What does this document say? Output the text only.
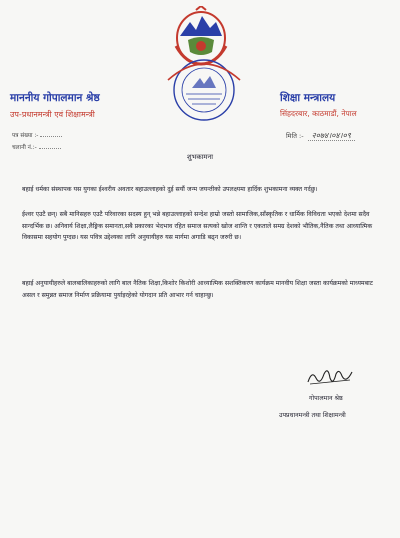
माननीय गोपालमान श्रेष्ठ
उप-प्रधानमन्त्री एवं शिक्षामन्त्री
शिक्षा मन्त्रालय
सिंहदरबार, काठमाडौं, नेपाल
पत्र संख्या :-
चलानी नं.:-
मिति :- २०७४।०४।०९
शुभकामना
बहाई धर्मका संस्थापक यस युगका ईश्वरीय अवतार बहाउल्लाहको दुई सयौं जन्म जयन्तीको उपलक्ष्यमा हार्दिक शुभकामना व्यक्त गर्दछु।
ईश्वर एउटै छन्। सबै मानिसहरु एउटै परिवारका सदस्य हुन् भन्ने बहाउल्लाहको सन्देश हाम्रो जस्तो सामाजिक,साँस्कृतिक र धार्मिक विविधता भएको देशमा सदैव सान्दर्भिक छ। अनिवार्य शिक्षा,लैङ्गिक समानता,सबै प्रकारका भेदभाव रहित समाज सत्यको खोज शान्ति र एकताले समग्र देशको भौतिक,नैतिक तथा आध्यात्मिक विकासमा सहयोग पुग्दछ। यस पवित्र उद्देश्यका लागि अनुयायीहरु यस मार्गमा अगाडि बढ्न जरुरी छ।
बहाई अनुयायीहरुले बालबालिकाहरुको लागि बाल नैतिक शिक्षा,किशोर किशोरी आध्यात्मिक सशक्तिकरण कार्यक्रम मानवीय शिक्षा जस्ता कार्यक्रमको माध्यमबाट असल र समुन्नत समाज निर्माण प्रक्रियामा पुर्याइरहेको योगदान प्रति आभार गर्न चाहान्छु।
गोपालमान श्रेष्ठ
उपप्रधानमन्त्री तथा शिक्षामन्त्री
